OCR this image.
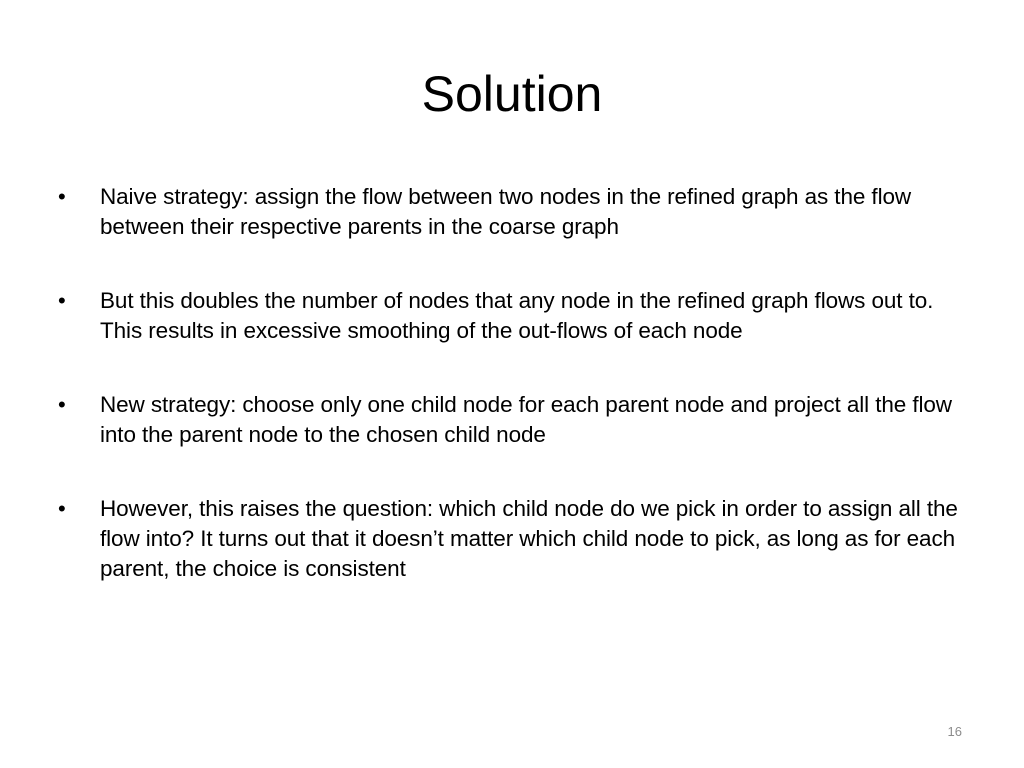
Solution
•	Naive strategy: assign the flow between two nodes in the refined graph as the flow between their respective parents in the coarse graph
•	But this doubles the number of nodes that any node in the refined graph flows out to. This results in excessive smoothing of the out-flows of each node
•	New strategy: choose only one child node for each parent node and project all the flow into the parent node to the chosen child node
•	However, this raises the question: which child node do we pick in order to assign all the flow into? It turns out that it doesn’t matter which child node to pick, as long as for each parent, the choice is consistent
16
